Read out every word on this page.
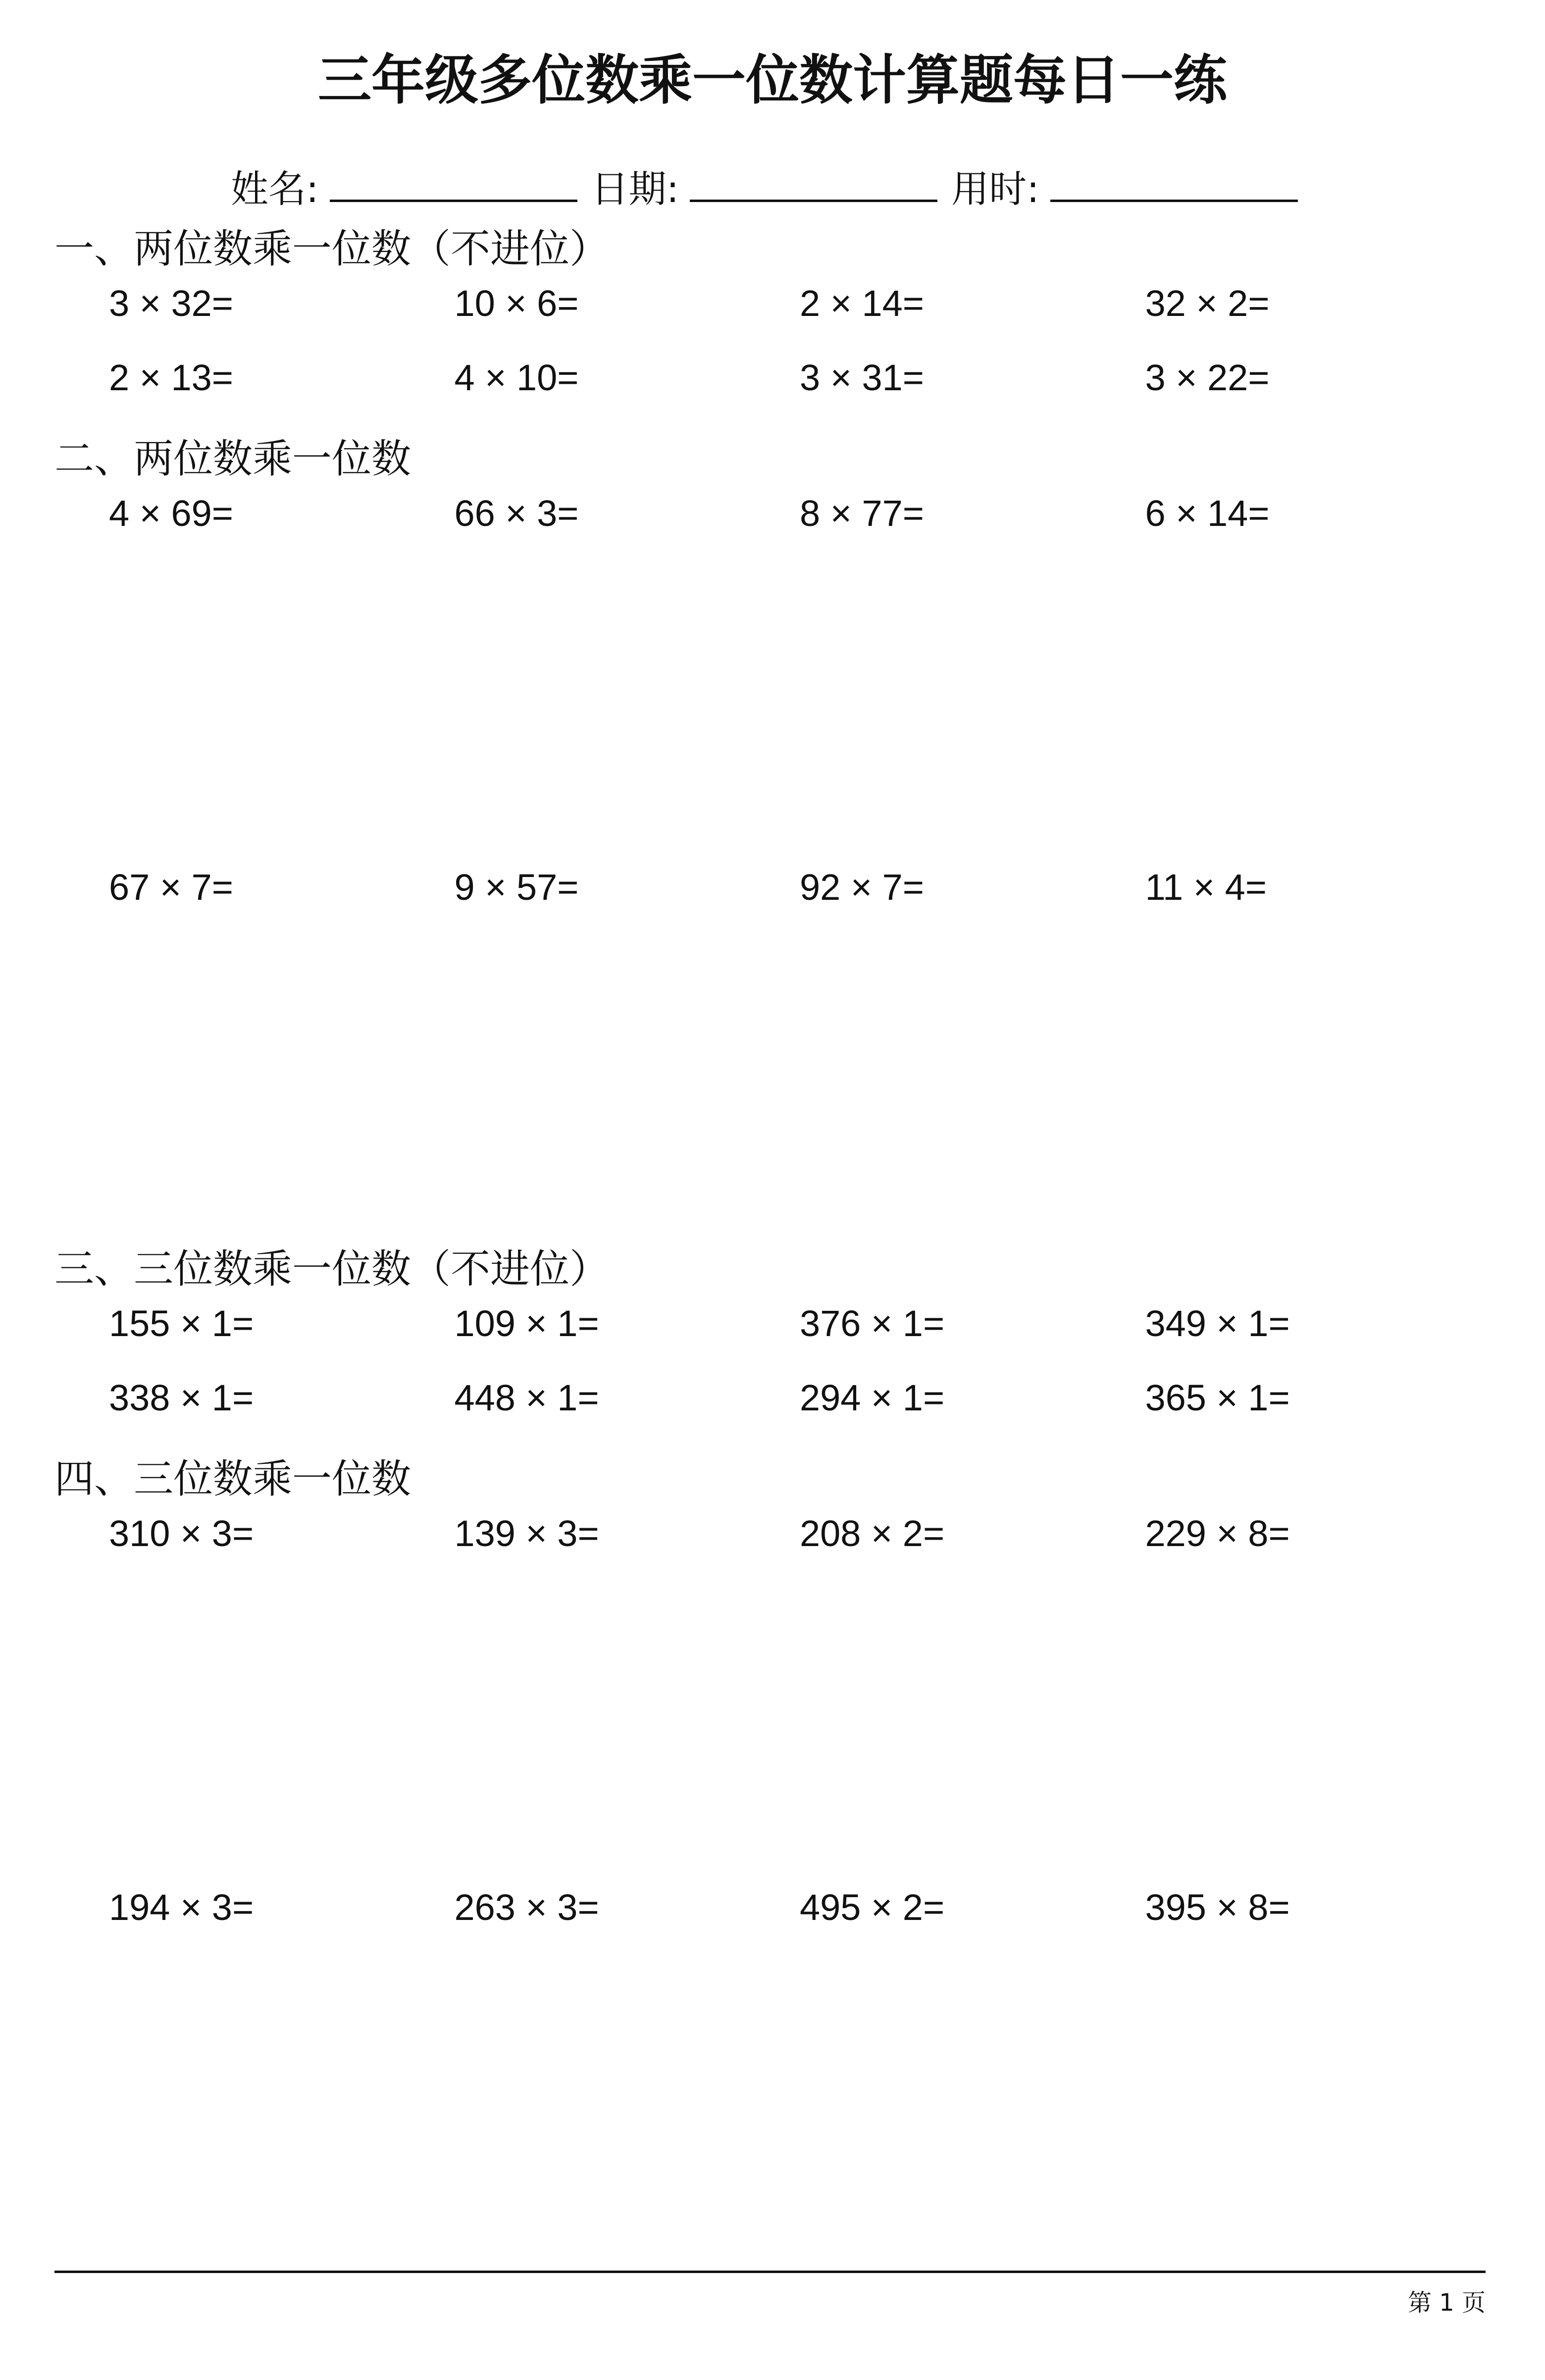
三年级多位数乘一位数计算题每日一练
姓名:	日期:	用时:
一、两位数乘一位数（不进位）
3 × 32=	10 × 6=	2 × 14=	32 × 2=
2 × 13=	4 × 10=	3 × 31=	3 × 22=
二、两位数乘一位数
4 × 69=	66 × 3=	8 × 77=	6 × 14=
67 × 7=	9 × 57=	92 × 7=	11 × 4=
三、三位数乘一位数（不进位）
155 × 1=	109 × 1=	376 × 1=	349 × 1=
338 × 1=	448 × 1=	294 × 1=	365 × 1=
四、三位数乘一位数
310 × 3=	139 × 3=	208 × 2=	229 × 8=
194 × 3=	263 × 3=	495 × 2=	395 × 8=
第 1 页
